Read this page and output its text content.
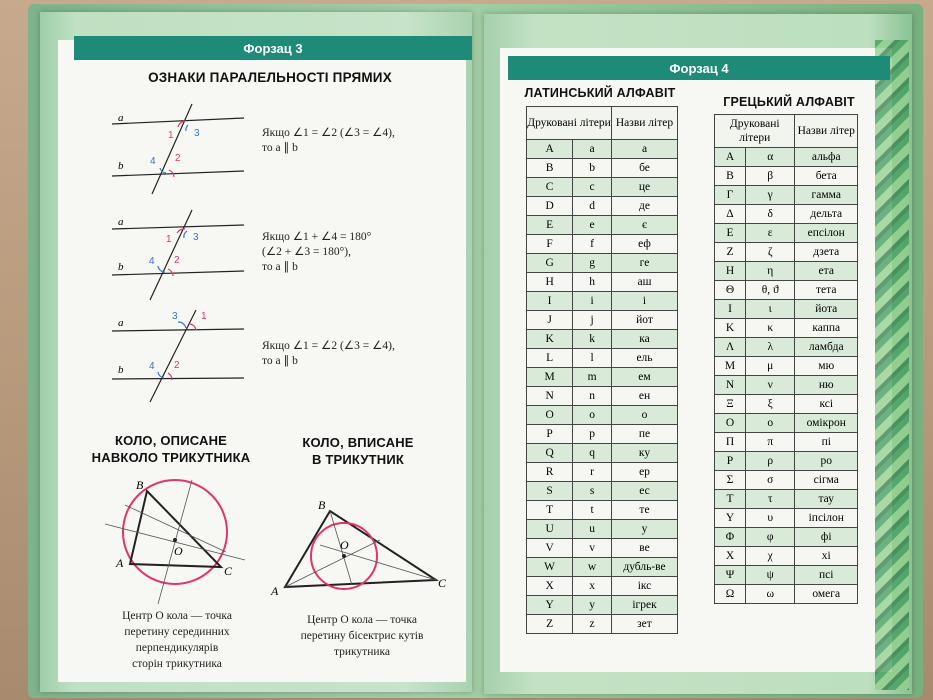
Форзац 3
ОЗНАКИ ПАРАЛЕЛЬНОСТІ ПРЯМИХ
a
b
1 3
4 2
a
b
1 3
4 2
a
b
3 1
4 2
Якщо ∠1 = ∠2 (∠3 = ∠4),
то a ∥ b
Якщо ∠1 + ∠4 = 180°
(∠2 + ∠3 = 180°),
то a ∥ b
Якщо ∠1 = ∠2 (∠3 = ∠4),
то a ∥ b
КОЛО, ОПИСАНЕ
НАВКОЛО ТРИКУТНИКА
КОЛО, ВПИСАНЕ
В ТРИКУТНИК
B
A
C
O
B
A
C
O
Центр O кола — точка
перетину серединних
перпендикулярів
сторін трикутника
Центр O кола — точка
перетину бісектрис кутів
трикутника
Форзац 4
ЛАТИНСЬКИЙ АЛФАВІТ
ГРЕЦЬКИЙ АЛФАВІТ
Друковані літери		Назви літер
A	a	а
B	b	бе
C	c	це
D	d	де
E	e	є
F	f	еф
G	g	ге
H	h	аш
I	i	і
J	j	йот
K	k	ка
L	l	ель
M	m	ем
N	n	ен
O	o	о
P	p	пе
Q	q	ку
R	r	ер
S	s	ес
T	t	те
U	u	у
V	v	ве
W	w	дубль-ве
X	x	ікс
Y	y	ігрек
Z	z	зет
Друковані літери		Назви літер
Α	α	альфа
Β	β	бета
Γ	γ	гамма
Δ	δ	дельта
Ε	ε	епсілон
Ζ	ζ	дзета
Η	η	ета
Θ	θ, ϑ	тета
Ι	ι	йота
Κ	κ	каппа
Λ	λ	ламбда
Μ	μ	мю
Ν	ν	ню
Ξ	ξ	ксі
Ο	ο	омікрон
Π	π	пі
Ρ	ρ	ро
Σ	σ	сігма
Τ	τ	тау
Υ	υ	іпсілон
Φ	φ	фі
Χ	χ	хі
Ψ	ψ	псі
Ω	ω	омега
